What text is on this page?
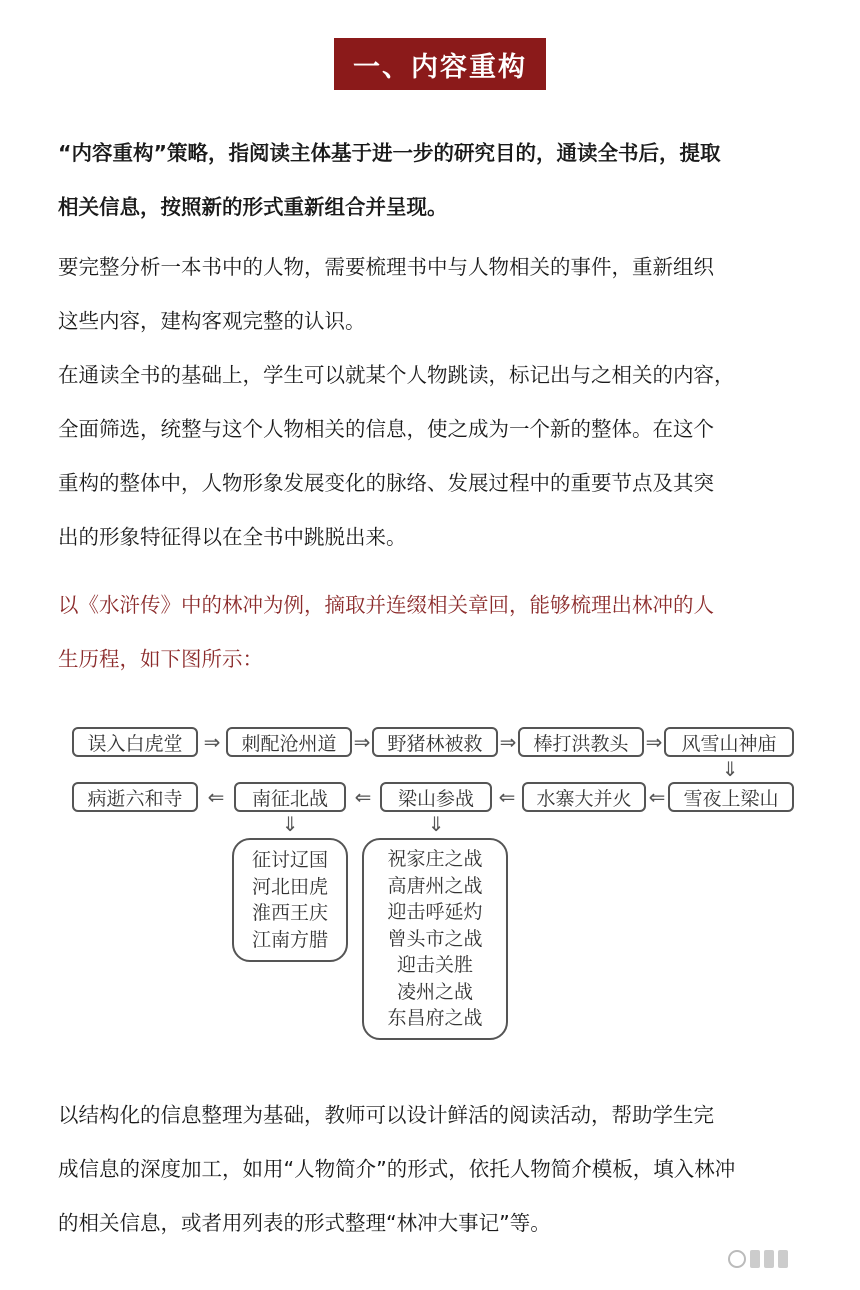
一、内容重构

“内容重构”策略，指阅读主体基于进一步的研究目的，通读全书后，提取

相关信息，按照新的形式重新组合并呈现。

要完整分析一本书中的人物，需要梳理书中与人物相关的事件，重新组织

这些内容，建构客观完整的认识。

在通读全书的基础上，学生可以就某个人物跳读，标记出与之相关的内容，

全面筛选，统整与这个人物相关的信息，使之成为一个新的整体。在这个

重构的整体中，人物形象发展变化的脉络、发展过程中的重要节点及其突

出的形象特征得以在全书中跳脱出来。

以《水浒传》中的林冲为例，摘取并连缀相关章回，能够梳理出林冲的人

生历程，如下图所示：

误入白虎堂	⇒	刺配沧州道 ⇒ 野猪林被救 ⇒ 棒打洪教头 ⇒	风雪山神庙
⇓
病逝六和寺	⇐	南征北战	⇐	梁山参战	⇐	水寨大并火 ⇐ 雪夜上梁山
⇓	⇓
征讨辽国
河北田虎
淮西王庆
江南方腊
祝家庄之战
高唐州之战
迎击呼延灼
曾头市之战
迎击关胜
凌州之战
东昌府之战

以结构化的信息整理为基础，教师可以设计鲜活的阅读活动，帮助学生完

成信息的深度加工，如用“人物简介”的形式，依托人物简介模板，填入林冲

的相关信息，或者用列表的形式整理“林冲大事记”等。
